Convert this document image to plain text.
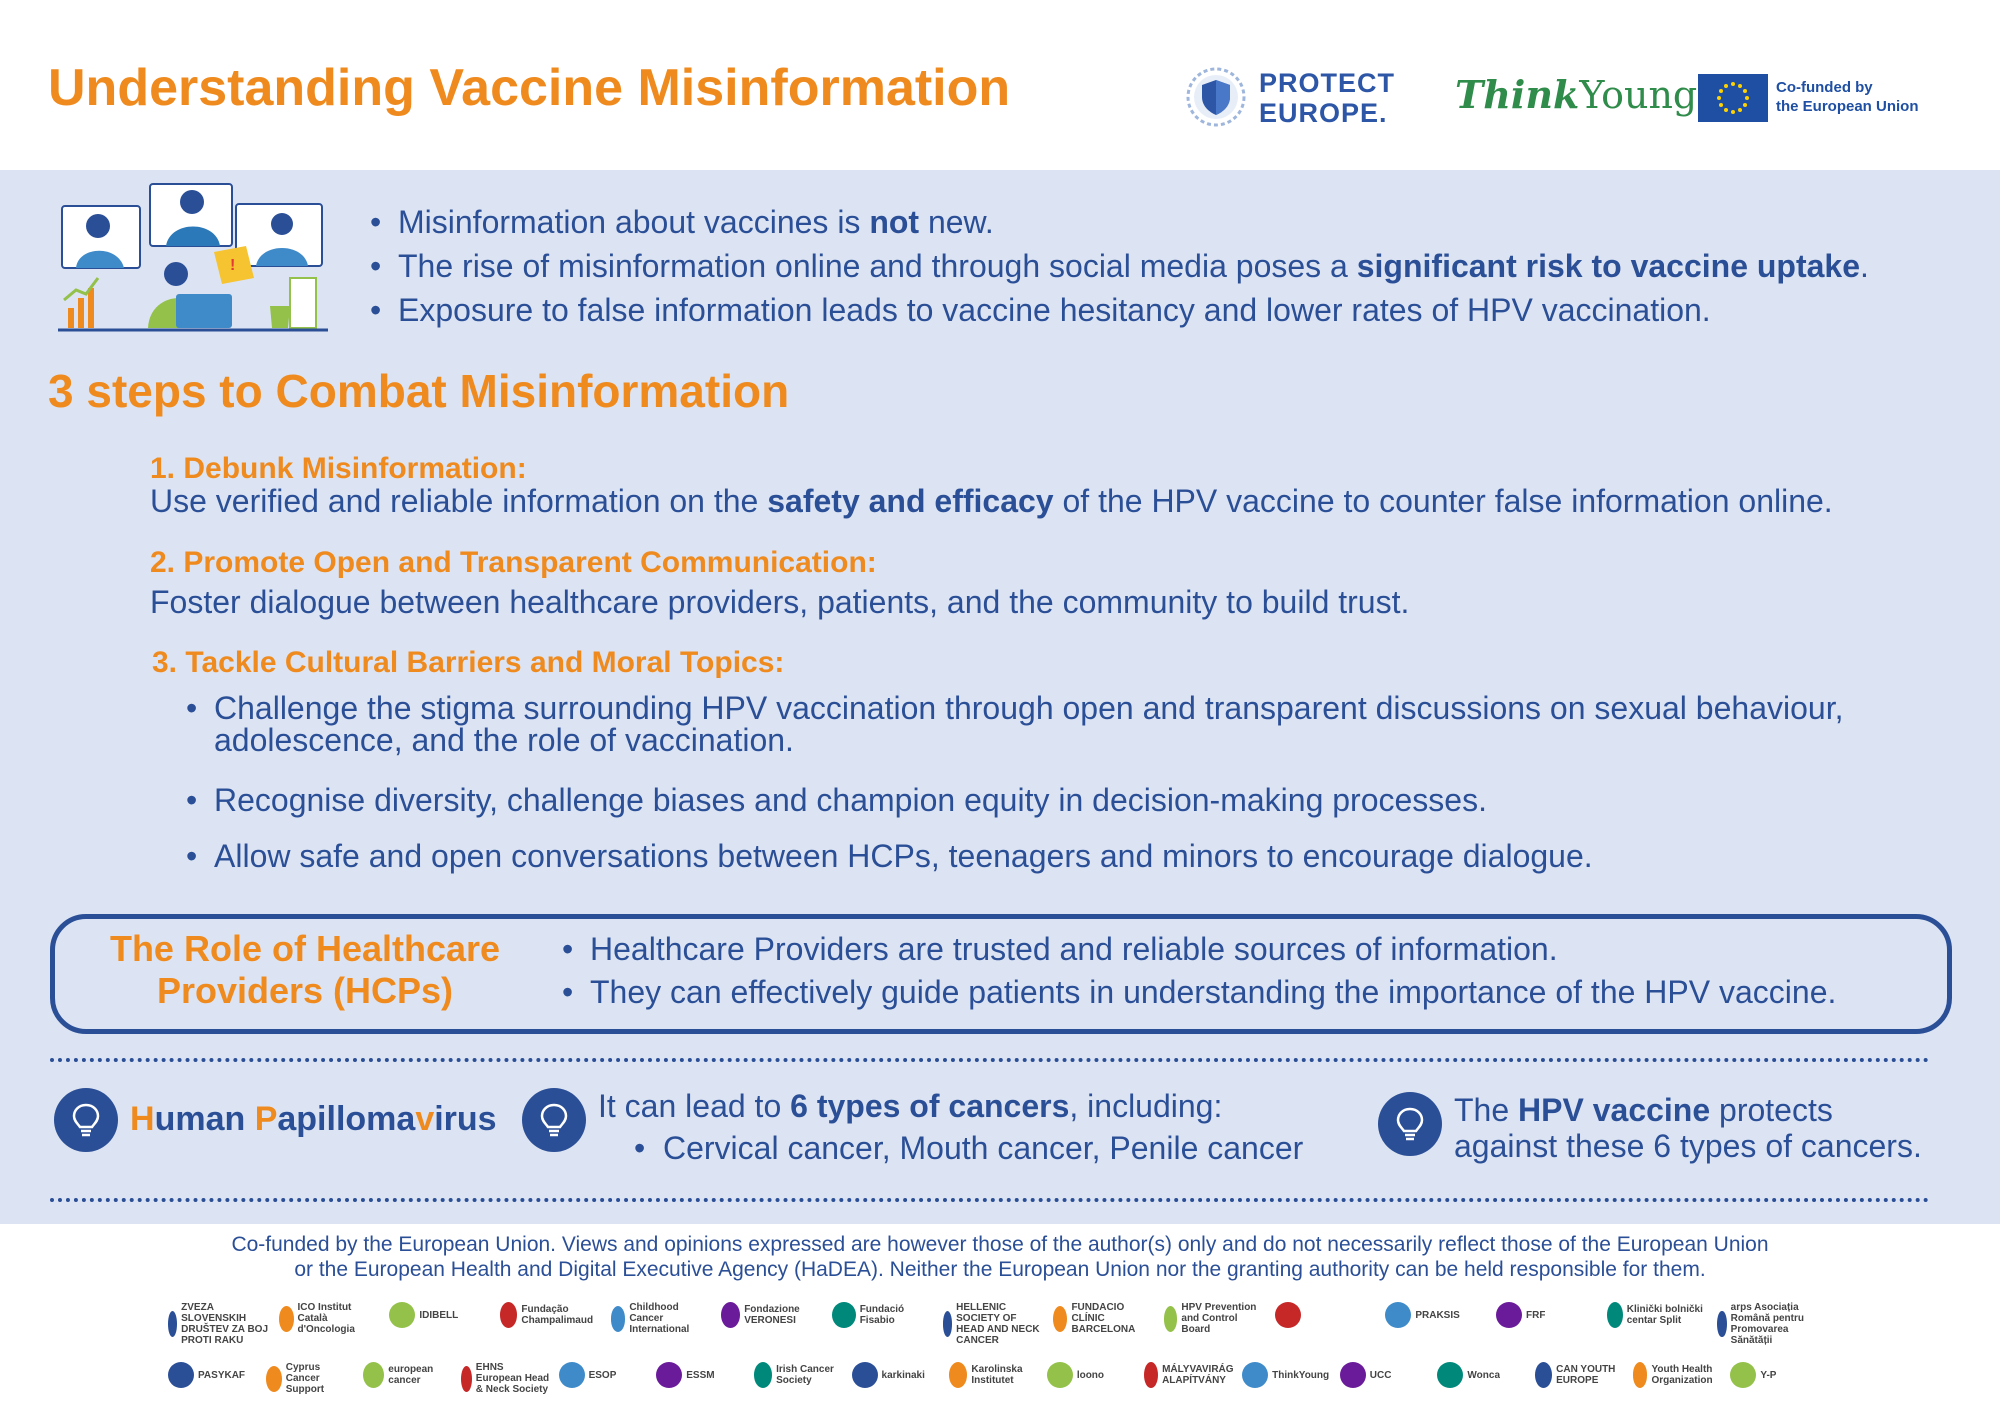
Understanding Vaccine Misinformation	PROTECT
EUROPE. ThinkYoung	Co-funded by
the European Union
!
• Misinformation about vaccines is not new.
• The rise of misinformation online and through social media poses a significant risk to vaccine uptake.
• Exposure to false information leads to vaccine hesitancy and lower rates of HPV vaccination.
3 steps to Combat Misinformation
1. Debunk Misinformation:
Use verified and reliable information on the safety and efficacy of the HPV vaccine to counter false information online.
2. Promote Open and Transparent Communication:
Foster dialogue between healthcare providers, patients, and the community to build trust.
3. Tackle Cultural Barriers and Moral Topics:
• Challenge the stigma surrounding HPV vaccination through open and transparent discussions on sexual behaviour,
adolescence, and the role of vaccination.
• Recognise diversity, challenge biases and champion equity in decision-making processes.
• Allow safe and open conversations between HCPs, teenagers and minors to encourage dialogue.
The Role of Healthcare
Providers (HCPs)
• Healthcare Providers are trusted and reliable sources of information.
• They can effectively guide patients in understanding the importance of the HPV vaccine.
Human Papillomavirus	It can lead to 6 types of cancers, including:
•  Cervical cancer, Mouth cancer, Penile cancer
The HPV vaccine protects
against these 6 types of cancers.
Co-funded by the European Union. Views and opinions expressed are however those of the author(s) only and do not necessarily reflect those of the European Union
or the European Health and Digital Executive Agency (HaDEA). Neither the European Union nor the granting authority can be held responsible for them.
ZVEZA SLOVENSKIH DRUŠTEV ZA BOJ PROTI RAKU
ICO Institut Català d'Oncologia
IDIBELL	Fundação Champalimaud
Childhood Cancer International
Fondazione VERONESI
Fundació Fisabio
HELLENIC SOCIETY OF HEAD AND NECK CANCER
FUNDACIÓ CLÍNIC BARCELONA
HPV Prevention and Control Board
PRAKSIS	FRF	Klinički bolnički centar Split
arps Asociația Română pentru Promovarea Sănătății
PASYKAF
Cyprus Cancer Support
european cancer
EHNS European Head & Neck Society
ESOP	ESSM	Irish Cancer Society	karkinaki	Karolinska Institutet	loono	MÁLYVAVIRÁG ALAPÍTVÁNY	ThinkYoung	UCC	Wonca	CAN YOUTH EUROPE
Youth Health Organization	Y-P
